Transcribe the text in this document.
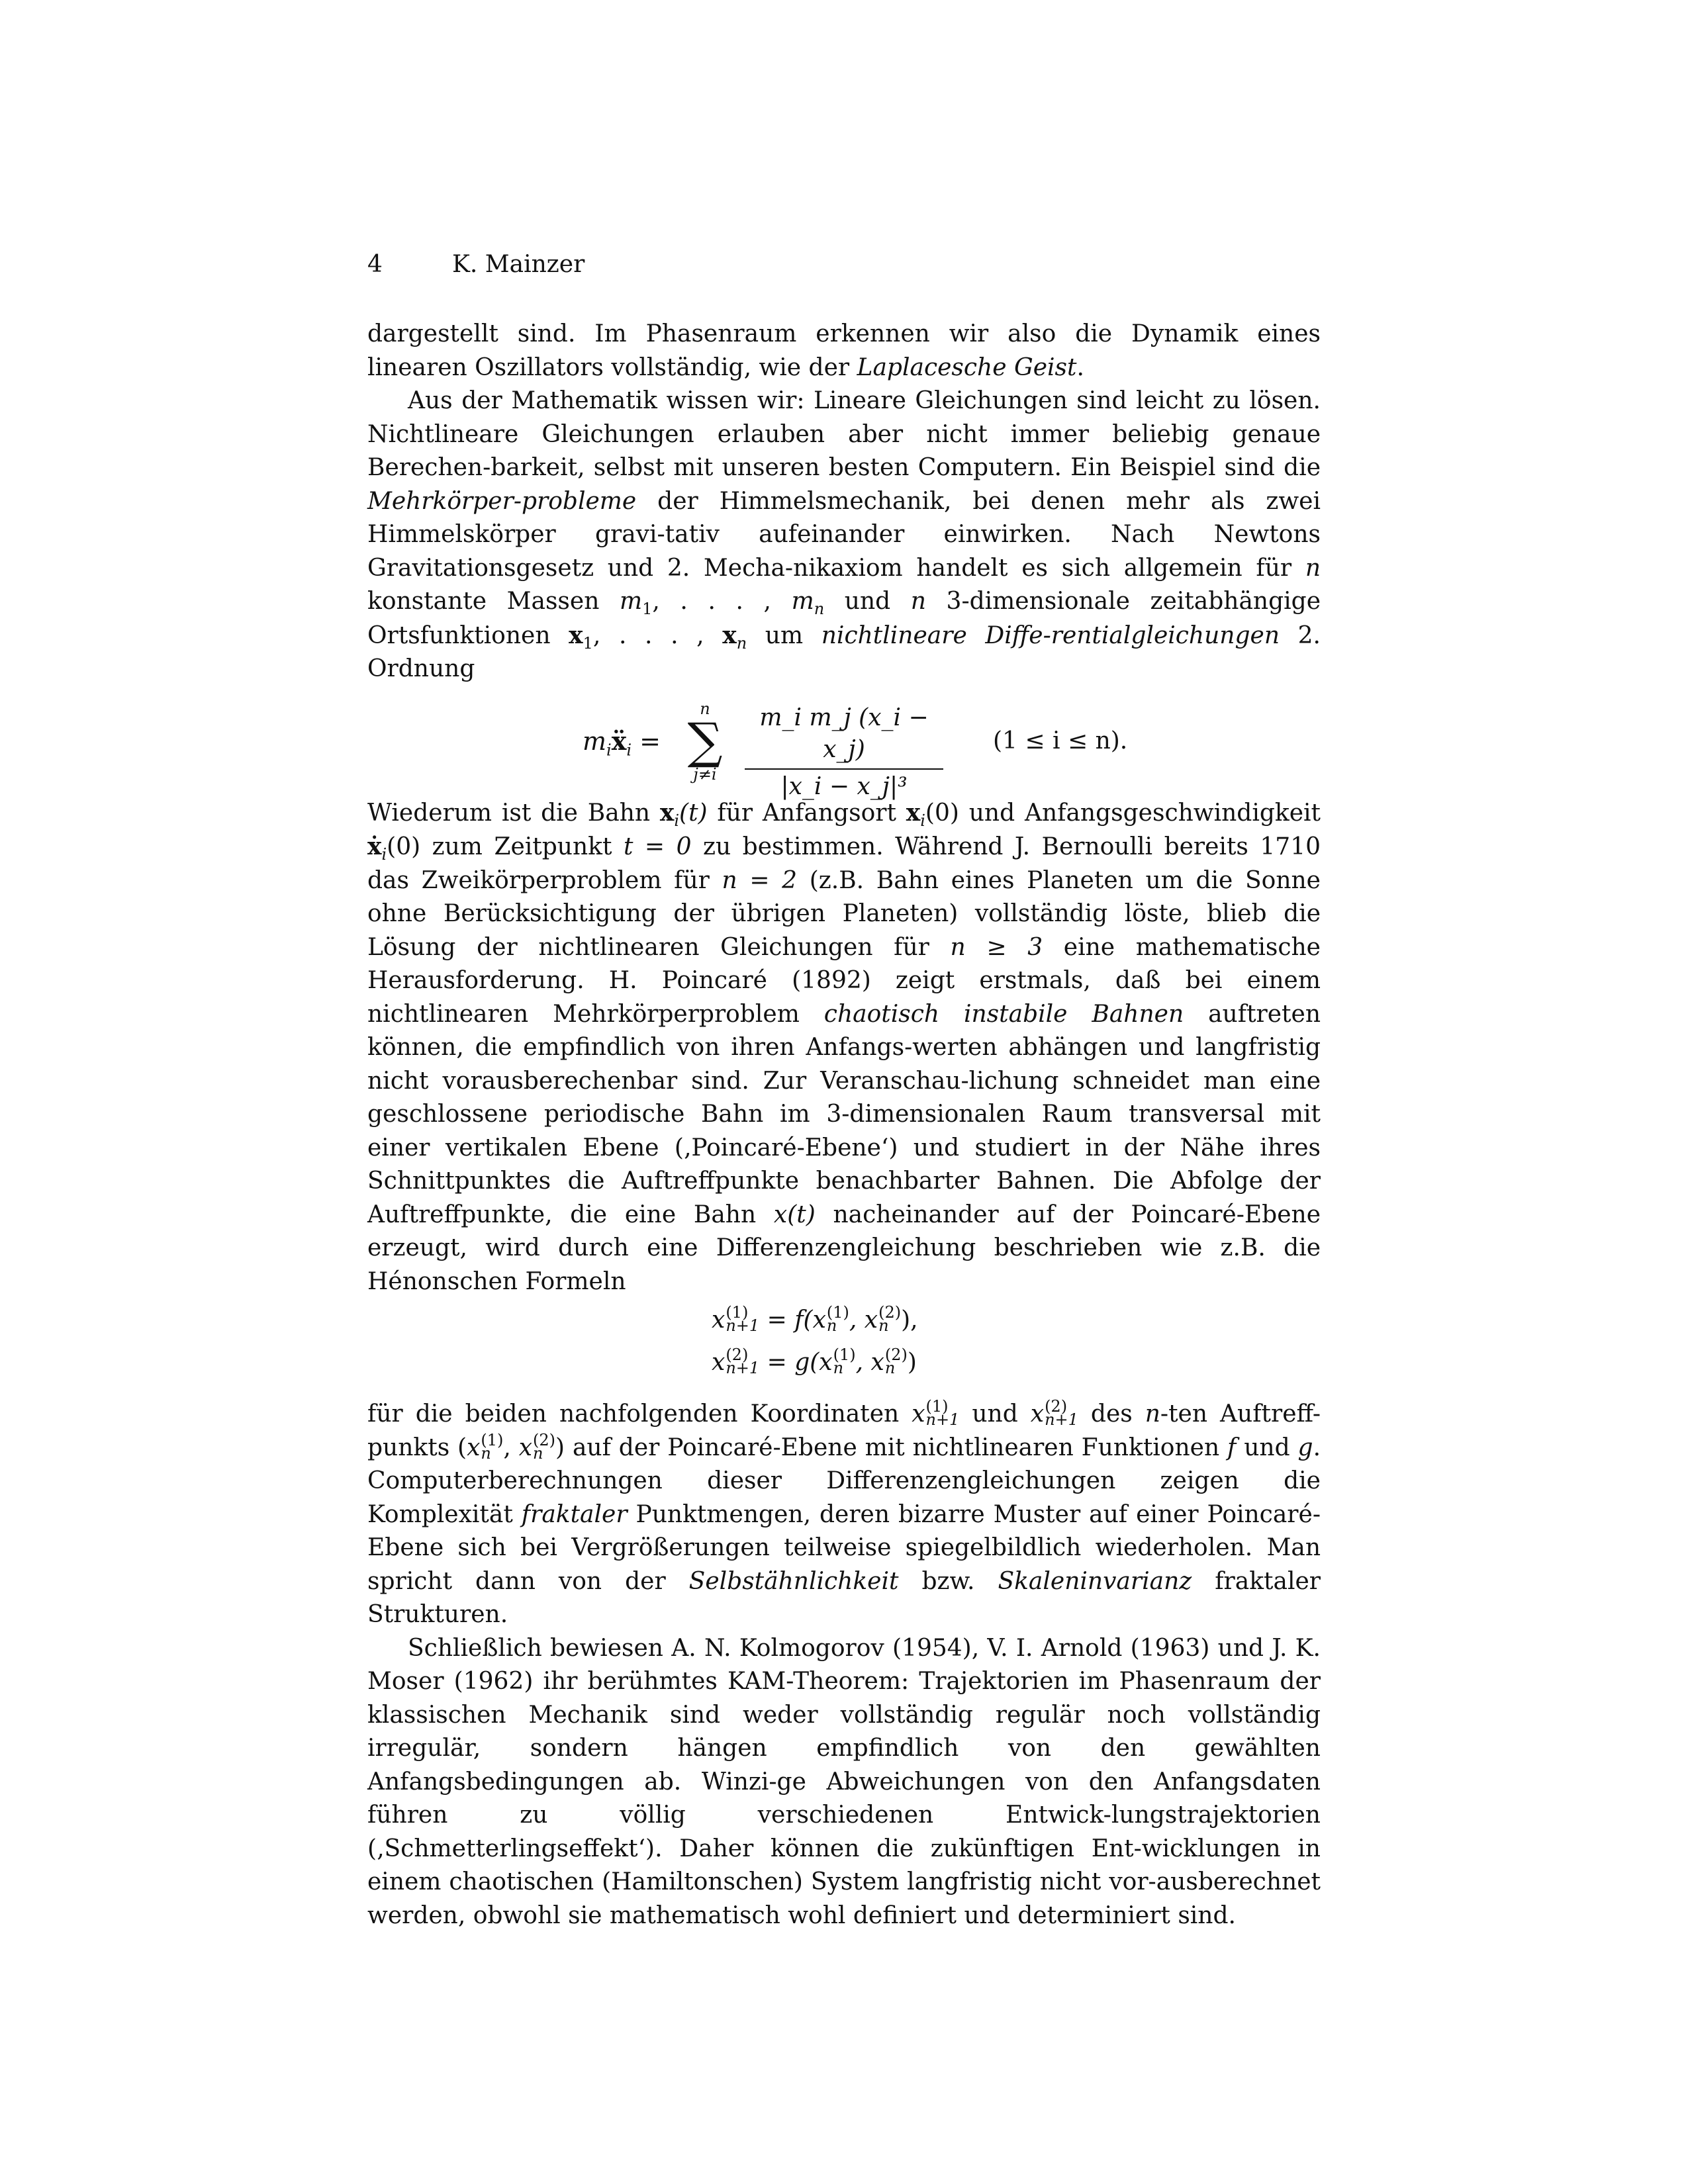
4	K. Mainzer

dargestellt sind. Im Phasenraum erkennen wir also die Dynamik eines linearen Oszillators vollständig, wie der Laplacesche Geist.

Aus der Mathematik wissen wir: Lineare Gleichungen sind leicht zu lösen. Nichtlineare Gleichungen erlauben aber nicht immer beliebig genaue Berechen-barkeit, selbst mit unseren besten Computern. Ein Beispiel sind die Mehrkörper-probleme der Himmelsmechanik, bei denen mehr als zwei Himmelskörper gravi-tativ aufeinander einwirken. Nach Newtons Gravitationsgesetz und 2. Mecha-nikaxiom handelt es sich allgemein für n konstante Massen $m_1$, . . . , $m_n$ und n 3-dimensionale zeitabhängige Ortsfunktionen $x_1$, . . . , $x_n$ um nichtlineare Diffe-rentialgleichungen 2. Ordnung

$m_iẍ_i$ =
n
∑
j≠i	$\frac{\text{m\_i m\_j (x\_i − x\_j)}}{\text{|x\_i − x\_j|³}} (1 \le i \le n)$.

Wiederum ist die Bahn $x_i(t)$ für Anfangsort $x_i(0)$ und Anfangsgeschwindigkeit ẋ$_i$(0) zum Zeitpunkt t = 0 zu bestimmen. Während J. Bernoulli bereits 1710 das Zweikörperproblem für n = 2 (z.B. Bahn eines Planeten um die Sonne ohne Berücksichtigung der übrigen Planeten) vollständig löste, blieb die Lösung der nichtlinearen Gleichungen für n ≥ 3 eine mathematische Herausforderung. H. Poincaré (1892) zeigt erstmals, daß bei einem nichtlinearen Mehrkörperproblem chaotisch instabile Bahnen auftreten können, die empfindlich von ihren Anfangs-werten abhängen und langfristig nicht vorausberechenbar sind. Zur Veranschau-lichung schneidet man eine geschlossene periodische Bahn im 3-dimensionalen Raum transversal mit einer vertikalen Ebene (‚Poincaré-Ebene‘) und studiert in der Nähe ihres Schnittpunktes die Auftreffpunkte benachbarter Bahnen. Die Abfolge der Auftreffpunkte, die eine Bahn x(t) nacheinander auf der Poincaré-Ebene erzeugt, wird durch eine Differenzengleichung beschrieben wie z.B. die Hénonschen Formeln

x (1)
n+1 = f(x (1)
n , x (2)
n ),
x (2)
n+1 = g(x (1)
n , x (2)
n )

für die beiden nachfolgenden Koordinaten x (1)
n+1 und x (2)
n+1 des n-ten Auftreff-punkts (x (1)
n , x (2)
n ) auf der Poincaré-Ebene mit nichtlinearen Funktionen f und g. Computerberechnungen dieser Differenzengleichungen zeigen die Komplexität fraktaler Punktmengen, deren bizarre Muster auf einer Poincaré-Ebene sich bei Vergrößerungen teilweise spiegelbildlich wiederholen. Man spricht dann von der Selbstähnlichkeit bzw. Skaleninvarianz fraktaler Strukturen.

Schließlich bewiesen A. N. Kolmogorov (1954), V. I. Arnold (1963) und J. K. Moser (1962) ihr berühmtes KAM-Theorem: Trajektorien im Phasenraum der klassischen Mechanik sind weder vollständig regulär noch vollständig irregulär, sondern hängen empfindlich von den gewählten Anfangsbedingungen ab. Winzi-ge Abweichungen von den Anfangsdaten führen zu völlig verschiedenen Entwick-lungstrajektorien (‚Schmetterlingseffekt‘). Daher können die zukünftigen Ent-wicklungen in einem chaotischen (Hamiltonschen) System langfristig nicht vor-ausberechnet werden, obwohl sie mathematisch wohl definiert und determiniert sind.
